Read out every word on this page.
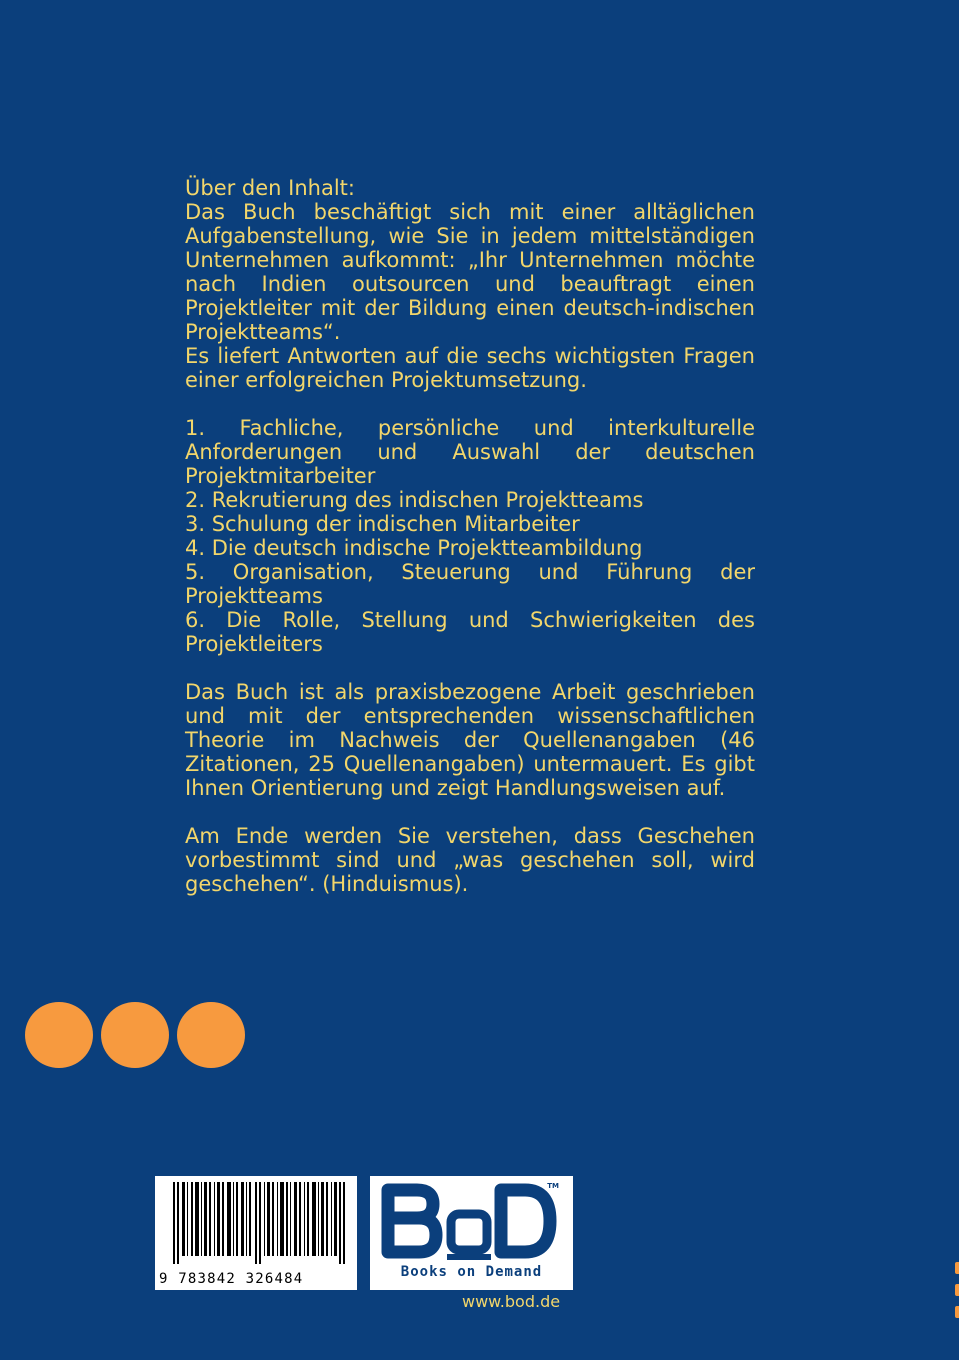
Über den Inhalt:

Das Buch beschäftigt sich mit einer alltäglichen Aufgabenstellung, wie Sie in jedem mittelständigen Unternehmen aufkommt: „Ihr Unternehmen möchte nach Indien outsourcen und beauftragt einen Projektleiter mit der Bildung einen deutsch-indischen Projektteams“.

Es liefert Antworten auf die sechs wichtigsten Fragen einer erfolgreichen Projektumsetzung.

1. Fachliche, persönliche und interkulturelle Anforderungen und Auswahl der deutschen Projektmitarbeiter

2. Rekrutierung des indischen Projektteams

3. Schulung der indischen Mitarbeiter

4. Die deutsch indische Projektteambildung

5. Organisation, Steuerung und Führung der Projektteams

6. Die Rolle, Stellung und Schwierigkeiten des Projektleiters

Das Buch ist als praxisbezogene Arbeit geschrieben und mit der entsprechenden wissenschaftlichen Theorie im Nachweis der Quellenangaben (46 Zitationen, 25 Quellenangaben) untermauert. Es gibt Ihnen Orientierung und zeigt Handlungsweisen auf.

Am Ende werden Sie verstehen, dass Geschehen vorbestimmt sind und „was geschehen soll, wird geschehen“. (Hinduismus).

9 783842 326484
TM
Books on Demand
www.bod.de
